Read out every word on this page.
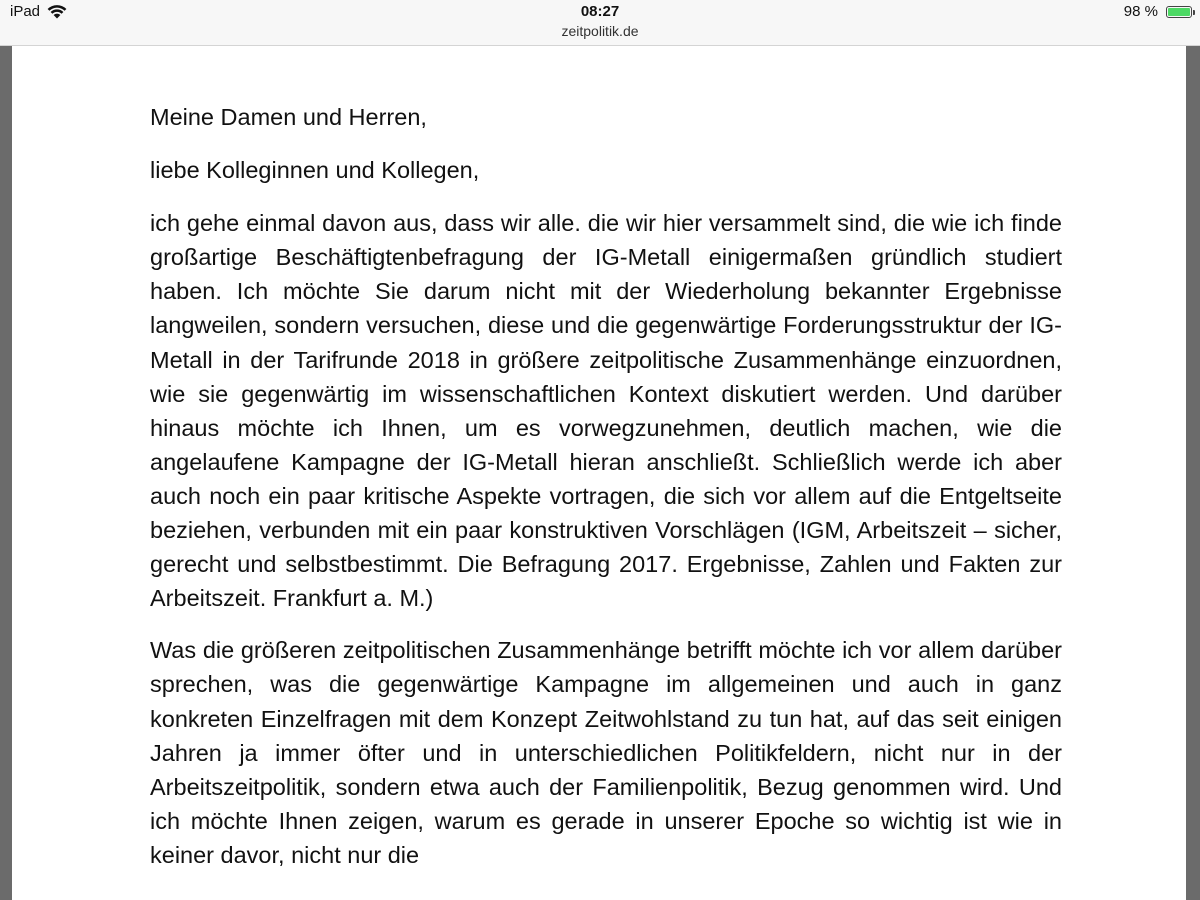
iPad	08:27
zeitpolitik.de
98 %

Meine Damen und Herren,

liebe Kolleginnen und Kollegen,

ich gehe einmal davon aus, dass wir alle. die wir hier versammelt sind, die wie ich finde großartige Beschäftigtenbefragung der IG-Metall einigermaßen gründlich studiert haben. Ich möchte Sie darum nicht mit der Wiederholung bekannter Ergebnisse langweilen, sondern versuchen, diese und die gegenwärtige Forderungsstruktur der IG-Metall in der Tarifrunde 2018 in größere zeitpolitische Zusammenhänge einzuordnen, wie sie gegenwärtig im wissenschaftlichen Kontext diskutiert werden. Und darüber hinaus möchte ich Ihnen, um es vorwegzunehmen, deutlich machen, wie die angelaufene Kampagne der IG-Metall hieran anschließt. Schließlich werde ich aber auch noch ein paar kritische Aspekte vortragen, die sich vor allem auf die Entgeltseite beziehen, verbunden mit ein paar konstruktiven Vorschlägen (IGM, Arbeitszeit – sicher, gerecht und selbstbestimmt. Die Befragung 2017. Ergebnisse, Zahlen und Fakten zur Arbeitszeit. Frankfurt a. M.)

Was die größeren zeitpolitischen Zusammenhänge betrifft möchte ich vor allem darüber sprechen, was die gegenwärtige Kampagne im allgemeinen und auch in ganz konkreten Einzelfragen mit dem Konzept Zeitwohlstand zu tun hat, auf das seit einigen Jahren ja immer öfter und in unterschiedlichen Politikfeldern, nicht nur in der Arbeitszeitpolitik, sondern etwa auch der Familienpolitik, Bezug genommen wird. Und ich möchte Ihnen zeigen, warum es gerade in unserer Epoche so wichtig ist wie in keiner davor, nicht nur die
